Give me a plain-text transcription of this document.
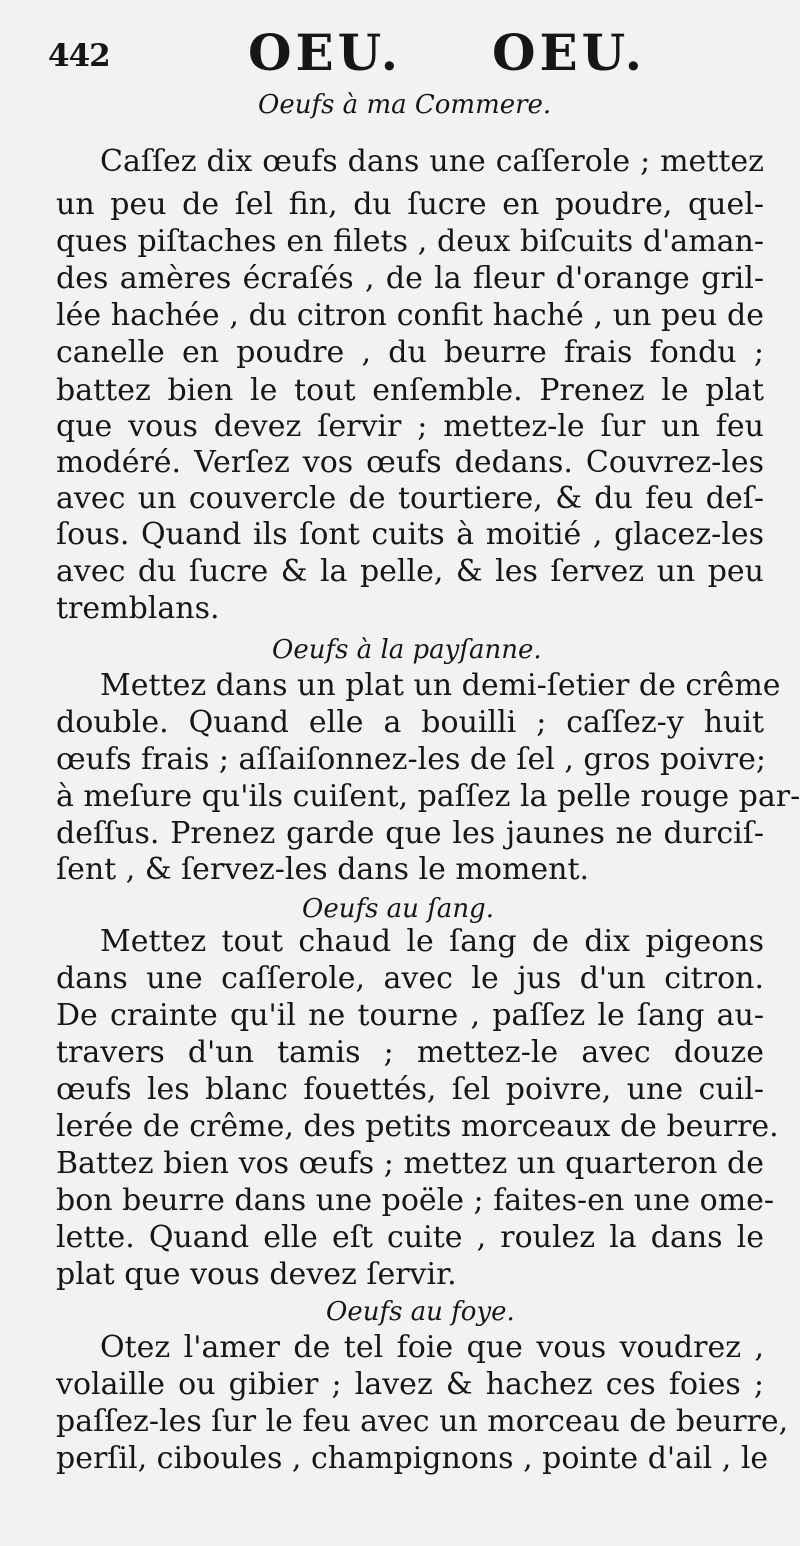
442	OEU. OEU.
Oeufs à ma Commere.
Caſſez dix œufs dans une caſſerole ; mettez
un peu de ſel fin, du ſucre en poudre, quel-
ques piſtaches en filets , deux biſcuits d'aman-
des amères écraſés , de la fleur d'orange gril-
lée hachée , du citron confit haché , un peu de
canelle en poudre , du beurre frais fondu ;
battez bien le tout enſemble. Prenez le plat
que vous devez ſervir ; mettez-le ſur un feu
modéré. Verſez vos œufs dedans. Couvrez-les
avec un couvercle de tourtiere, & du feu deſ-
ſous. Quand ils ſont cuits à moitié , glacez-les
avec du ſucre & la pelle, & les ſervez un peu
tremblans.
Oeufs à la payſanne.
Mettez dans un plat un demi-ſetier de crême
double. Quand elle a bouilli ; caſſez-y huit
œufs frais ; aſſaiſonnez-les de ſel , gros poivre;
à meſure qu'ils cuiſent, paſſez la pelle rouge par-
deſſus. Prenez garde que les jaunes ne durciſ-
ſent , & ſervez-les dans le moment.
Oeufs au ſang.
Mettez tout chaud le ſang de dix pigeons
dans une caſſerole, avec le jus d'un citron.
De crainte qu'il ne tourne , paſſez le ſang au-
travers d'un tamis ; mettez-le avec douze
œufs les blanc fouettés, ſel poivre, une cuil-
lerée de crême, des petits morceaux de beurre.
Battez bien vos œufs ; mettez un quarteron de
bon beurre dans une poële ; faites-en une ome-
lette. Quand elle eſt cuite , roulez la dans le
plat que vous devez ſervir.
Oeufs au foye.
Otez l'amer de tel foie que vous voudrez ,
volaille ou gibier ; lavez & hachez ces foies ;
paſſez-les ſur le feu avec un morceau de beurre,
perſil, ciboules , champignons , pointe d'ail , le
